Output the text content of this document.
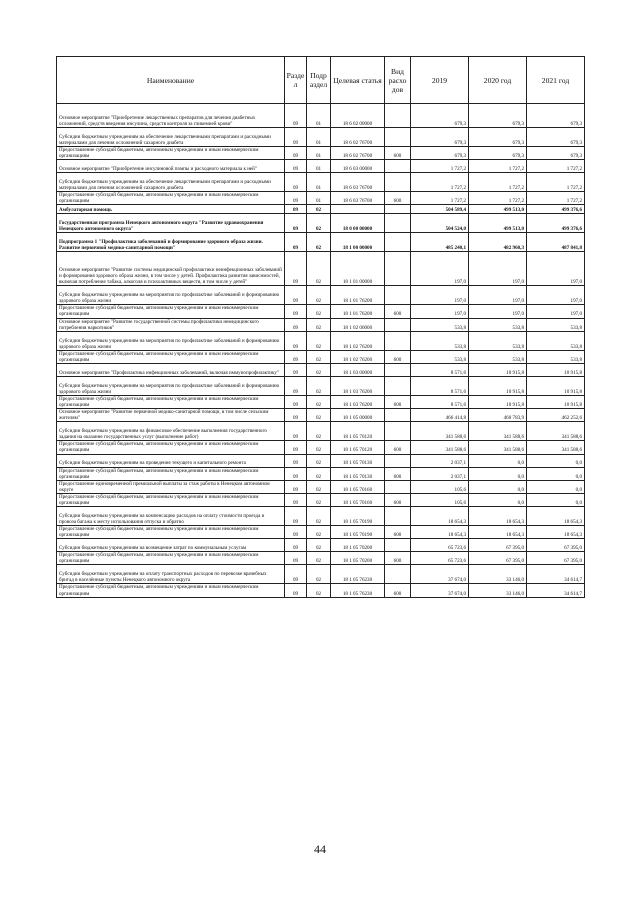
Наименование	Разде л	Подр аздел	Целевая статья	Вид расхо дов	2019	2020 год	2021 год
Основное мероприятие "Приобретение лекарственных препаратов для лечения диабетных осложнений, средств введения инсулина, средств контроля за гликемией крови"	09	01	18 6 02 00000		679,3	679,3	679,3
Субсидии бюджетным учреждениям на обеспечение лекарственными препаратами и расходными материалами для лечения осложнений сахарного диабета	09	01	18 6 02 76700		679,3	679,3	679,3
Предоставление субсидий бюджетным, автономным учреждениям и иным некоммерческим организациям	09	01	18 6 02 76700	600	679,3	679,3	679,3
Основное мероприятие "Приобретение инсулиновой помпы и расходного материала к ней"	09	01	18 6 03 00000		1 727,2	1 727,2	1 727,2
Субсидии бюджетным учреждениям на обеспечение лекарственными препаратами и расходными материалами для лечения осложнений сахарного диабета	09	01	18 6 03 76700		1 727,2	1 727,2	1 727,2
Предоставление субсидий бюджетным, автономным учреждениям и иным некоммерческим организациям	09	01	18 6 03 76700	600	1 727,2	1 727,2	1 727,2
Амбулаторная помощь	09	02			504 589,4	499 513,0	499 376,6
Государственная программа Ненецкого автономного округа "Развитие здравоохранения Ненецкого автономного округа"	09	02	18 0 00 00000		504 524,0	499 513,0	499 376,6
Подпрограмма 1 "Профилактика заболеваний и формирование здорового образа жизни. Развитие первичной медико-санитарной помощи"	09	02	18 1 00 00000		485 240,1	482 960,3	487 841,8
Основное мероприятие "Развитие системы медицинской профилактики неинфекционных заболеваний и формирования здорового образа жизни, в том числе у детей. Профилактика развития зависимостей, включая потребление табака, алкоголя и психоактивных веществ, в том числе у детей"	09	02	18 1 01 00000		197,0	197,0	197,0
Субсидии бюджетным учреждениям на мероприятия по профилактике заболеваний и формированию здорового образа жизни	09	02	18 1 01 76200		197,0	197,0	197,0
Предоставление субсидий бюджетным, автономным учреждениям и иным некоммерческим организациям	09	02	18 1 01 76200	600	197,0	197,0	197,0
Основное мероприятие "Развитие государственной системы профилактики немедицинского потребления наркотиков"	09	02	18 1 02 00000		533,8	533,8	533,8
Субсидии бюджетным учреждениям на мероприятия по профилактике заболеваний и формированию здорового образа жизни	09	02	18 1 02 76200		533,8	533,8	533,8
Предоставление субсидий бюджетным, автономным учреждениям и иным некоммерческим организациям	09	02	18 1 02 76200	600	533,8	533,8	533,8
Основное мероприятие "Профилактика инфекционных заболеваний, включая иммунопрофилактику"	09	02	18 1 03 00000		8 571,6	10 915,8	10 915,8
Субсидии бюджетным учреждениям на мероприятия по профилактике заболеваний и формированию здорового образа жизни	09	02	18 1 03 76200		8 571,6	10 915,8	10 915,8
Предоставление субсидий бюджетным, автономным учреждениям и иным некоммерческим организациям	09	02	18 1 03 76200	600	8 571,6	10 915,8	10 915,8
Основное мероприятие "Развитие первичной медико-санитарной помощи, в том числе сельским жителям"	09	02	18 1 05 00000		466 414,8	460 783,9	462 252,6
Субсидии бюджетным учреждениям на финансовое обеспечение выполнения государственного задания на оказание государственных услуг (выполнение работ)	09	02	18 1 05 70120		341 588,6	341 588,6	341 588,6
Предоставление субсидий бюджетным, автономным учреждениям и иным некоммерческим организациям	09	02	18 1 05 70120	600	341 588,6	341 588,6	341 588,6
Субсидии бюджетным учреждениям на проведение текущего и капитального ремонта	09	02	18 1 05 70130		2 037,1	0,0	0,0
Предоставление субсидий бюджетным, автономным учреждениям и иным некоммерческим организациям	09	02	18 1 05 70130	600	2 037,1	0,0	0,0
Предоставление единовременной премиальной выплаты за стаж работы в Ненецком автономном округе	09	02	18 1 05 70160		105,6	0,0	0,0
Предоставление субсидий бюджетным, автономным учреждениям и иным некоммерческим организациям	09	02	18 1 05 70160	600	105,6	0,0	0,0
Субсидии бюджетным учреждениям на компенсацию расходов на оплату стоимости проезда и провоза багажа к месту использования отпуска и обратно	09	02	18 1 05 70190		18 654,3	18 654,3	18 654,3
Предоставление субсидий бюджетным, автономным учреждениям и иным некоммерческим организациям	09	02	18 1 05 70190	600	18 654,3	18 654,3	18 654,3
Субсидии бюджетным учреждениям на возмещение затрат по коммунальным услугам	09	02	18 1 05 70200		65 723,6	67 395,0	67 395,0
Предоставление субсидий бюджетным, автономным учреждениям и иным некоммерческим организациям	09	02	18 1 05 70200	600	65 723,6	67 395,0	67 395,0
Субсидии бюджетным учреждениям на оплату транспортных расходов по перевозке врачебных бригад в населённые пункты Ненецкого автономного округа	09	02	18 1 05 76230		37 674,0	33 146,0	34 614,7
Предоставление субсидий бюджетным, автономным учреждениям и иным некоммерческим организациям	09	02	18 1 05 76230	600	37 674,0	33 146,0	34 614,7
44
